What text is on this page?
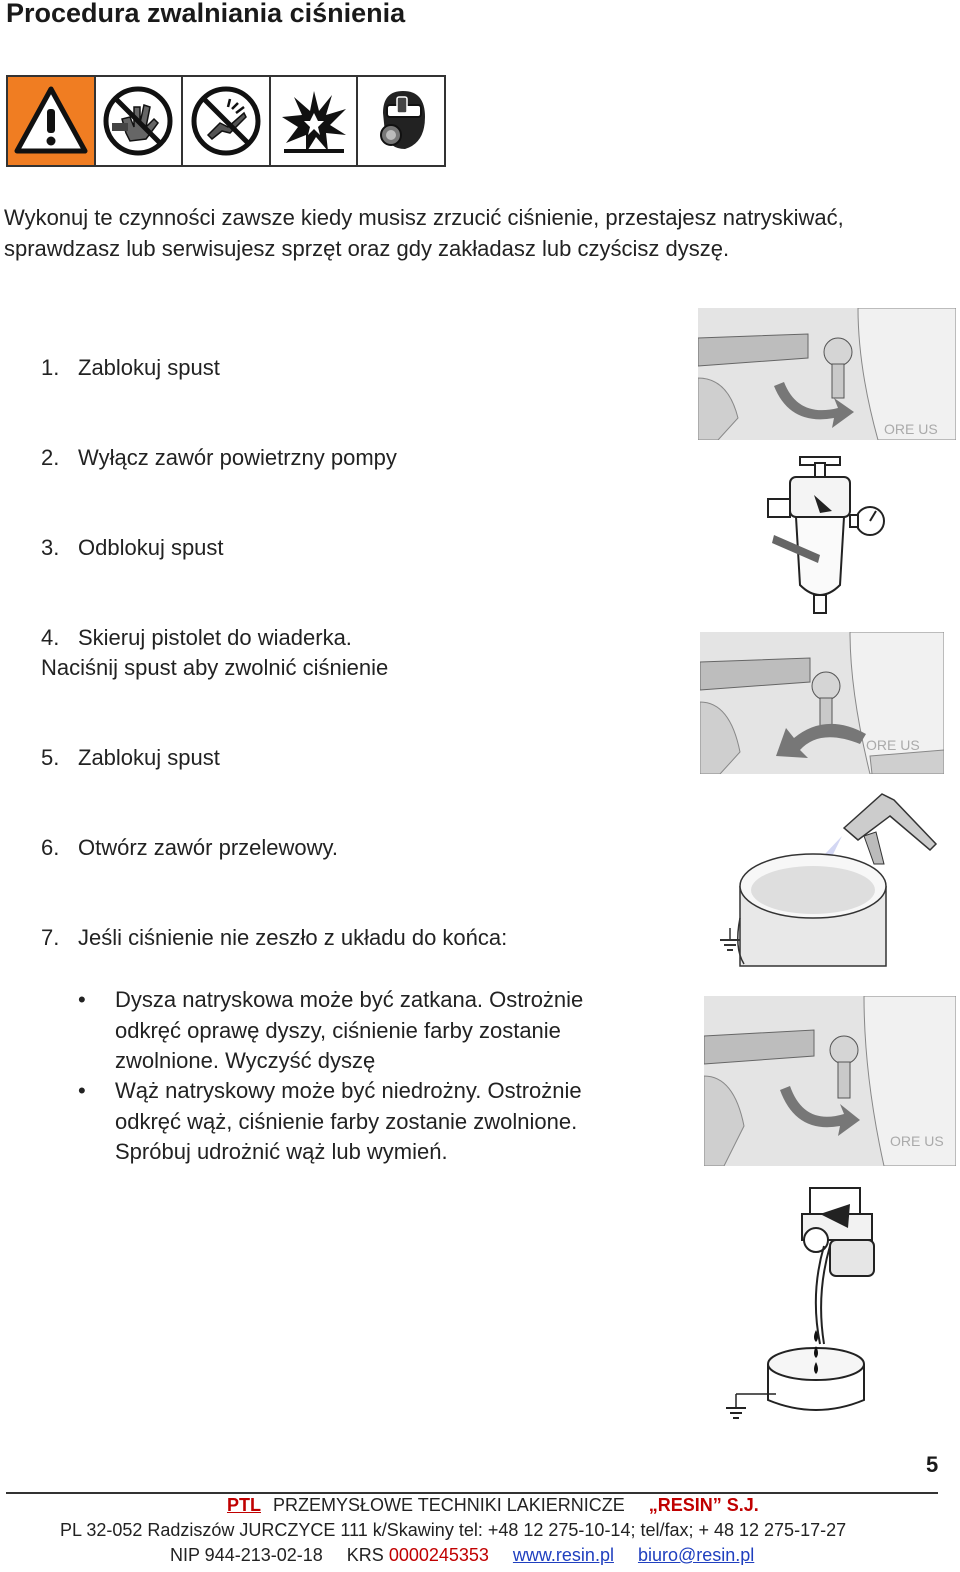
Procedura zwalniania ciśnienia
Wykonuj te czynności zawsze kiedy musisz zrzucić ciśnienie, przestajesz natryskiwać,
sprawdzasz lub serwisujesz sprzęt oraz gdy zakładasz lub czyścisz dyszę.
1. Zablokuj spust
2. Wyłącz zawór powietrzny pompy
3. Odblokuj spust
4. Skieruj pistolet do wiaderka.
Naciśnij spust aby zwolnić ciśnienie
5. Zablokuj spust
6. Otwórz zawór przelewowy.
7. Jeśli ciśnienie nie zeszło z układu do końca:
• Dysza natryskowa może być zatkana. Ostrożnie
odkręć oprawę dyszy, ciśnienie farby zostanie
zwolnione. Wyczyść dyszę
• Wąż natryskowy może być niedrożny. Ostrożnie
odkręć wąż, ciśnienie farby zostanie zwolnione.
Spróbuj udrożnić wąż lub wymień.
ORE US
ORE US
ORE US
5
PTL PRZEMYSŁOWE TECHNIKI LAKIERNICZE „RESIN” S.J.
PL 32-052 Radziszów JURCZYCE 111 k/Skawiny tel: +48 12 275-10-14; tel/fax; + 48 12 275-17-27
NIP 944-213-02-18 KRS 0000245353 www.resin.pl biuro@resin.pl
